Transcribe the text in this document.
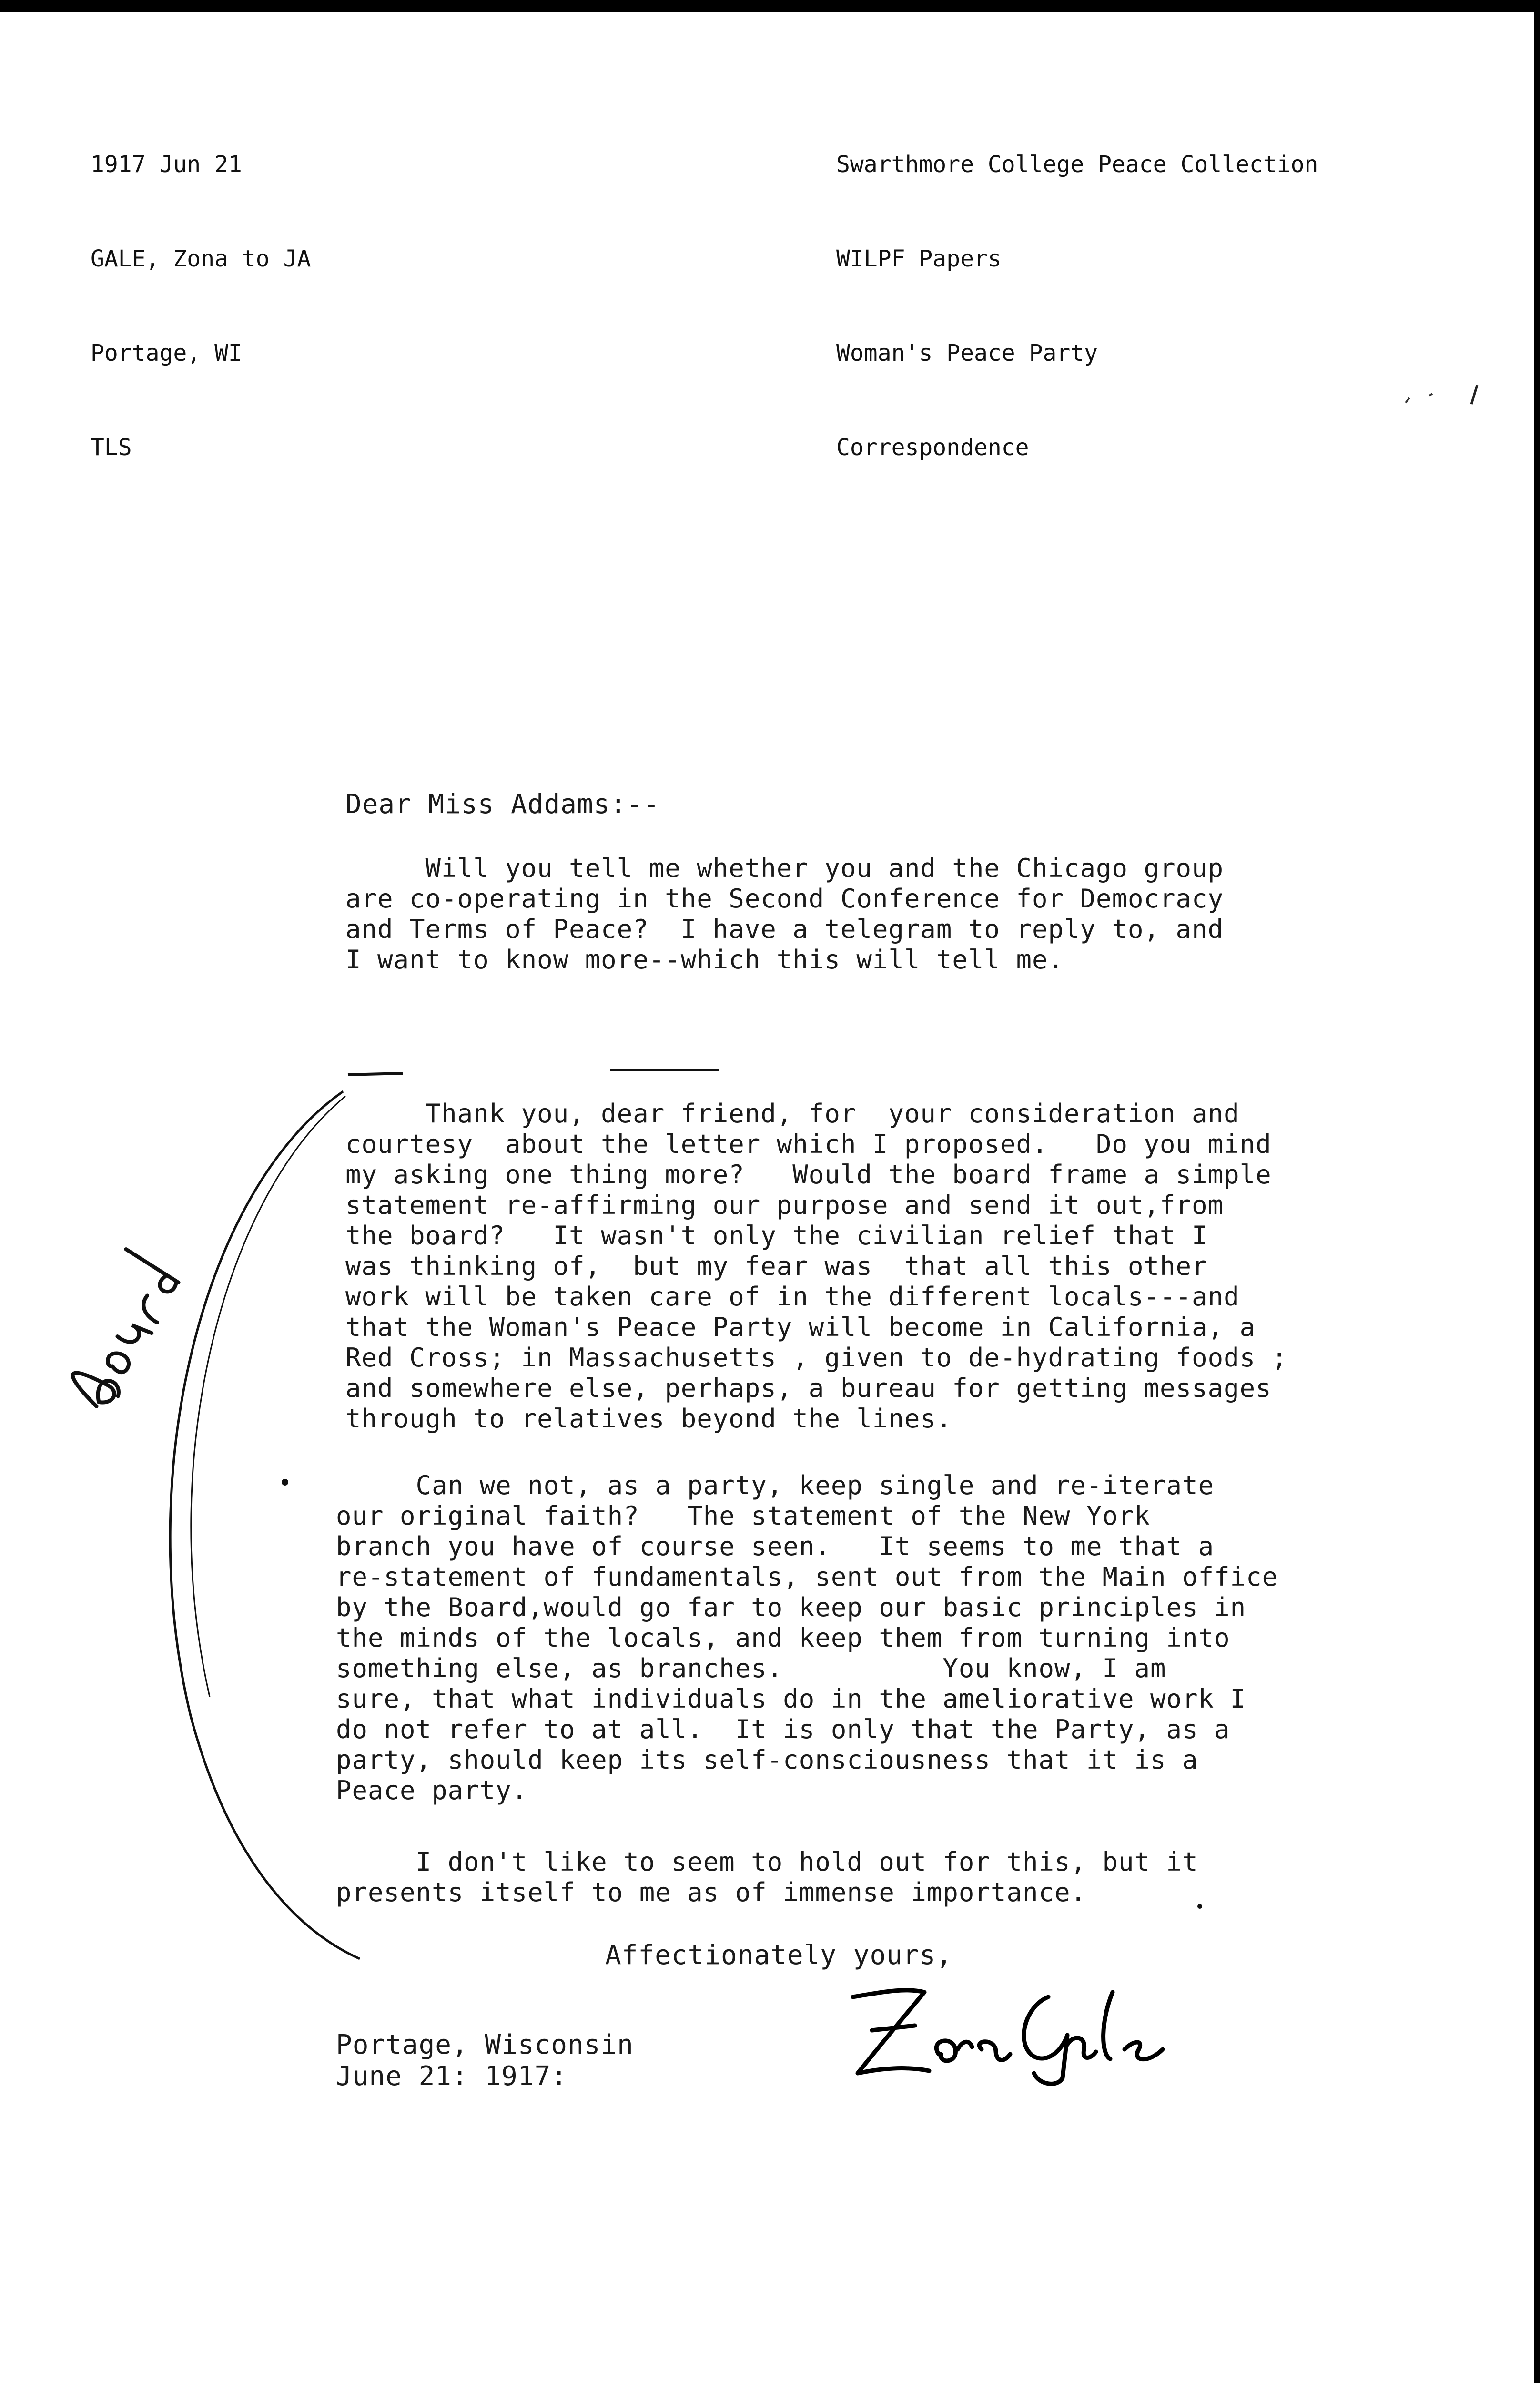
1917 Jun 21

GALE, Zona to JA

Portage, WI

TLS

Swarthmore College Peace Collection

WILPF Papers

Woman's Peace Party

Correspondence

Dear Miss Addams:--
Will you tell me whether you and the Chicago group
are co-operating in the Second Conference for Democracy
and Terms of Peace?  I have a telegram to reply to, and
I want to know more--which this will tell me.
Thank you, dear friend, for  your consideration and
courtesy  about the letter which I proposed.   Do you mind
my asking one thing more?   Would the board frame a simple
statement re-affirming our purpose and send it out,from
the board?   It wasn't only the civilian relief that I
was thinking of,  but my fear was  that all this other
work will be taken care of in the different locals---and
that the Woman's Peace Party will become in California, a
Red Cross; in Massachusetts , given to de-hydrating foods ;
and somewhere else, perhaps, a bureau for getting messages
through to relatives beyond the lines.
Can we not, as a party, keep single and re-iterate
our original faith?   The statement of the New York
branch you have of course seen.   It seems to me that a
re-statement of fundamentals, sent out from the Main office
by the Board,would go far to keep our basic principles in
the minds of the locals, and keep them from turning into
something else, as branches.          You know, I am
sure, that what individuals do in the ameliorative work I
do not refer to at all.  It is only that the Party, as a
party, should keep its self-consciousness that it is a
Peace party.
I don't like to seem to hold out for this, but it
presents itself to me as of immense importance.
Affectionately yours,
Portage, Wisconsin
June 21: 1917:
